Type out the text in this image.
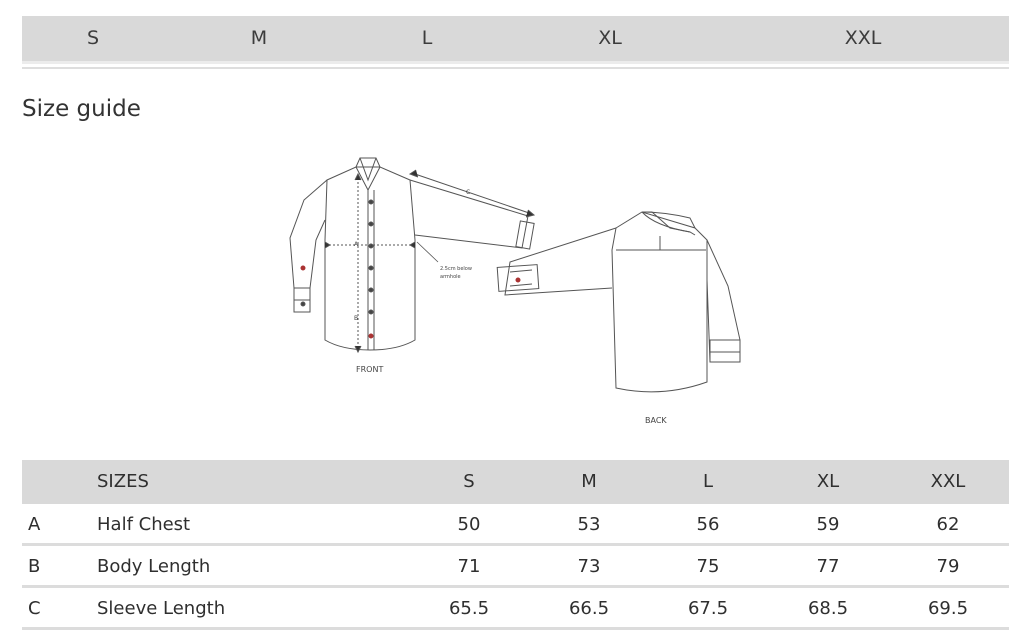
S	M	L	XL	XXL
Size guide
A
B
C
2.5cm below
armhole
FRONT
BACK
SIZES	S	M	L	XL	XXL
A	Half Chest	50	53	56	59	62
B	Body Length	71	73	75	77	79
C	Sleeve Length	65.5	66.5	67.5	68.5	69.5
